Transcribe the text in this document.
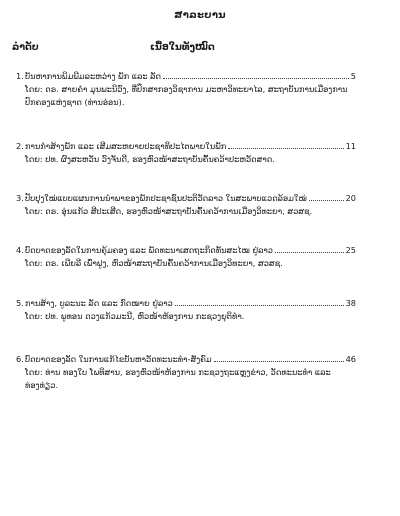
ສາລະບານ
ລຳດັບ	ເນື້ອໃນທັງໝົດ
1. ບັນຫາການພິມພີມລະຫວ່າງ ພັກ ແລະ ລັດ	5
ໂດຍ: ດຣ. ສາຍຄຳ ມຸນພະນິວົງ, ທີ່ປຶກສາກອງວິຊາການ ມະຫາວິທະຍາໄລ, ສະຖາບັນການເມືອງການປົກຄອງແຫ່ງຊາດ (ທ່ານອ່ອນ).
2. ການກຳສ້າງພັກ ແລະ ເສີມສະຫຍາຍປະຊາທິປະໄຕພາຍໃນພັກ	11
ໂດຍ: ປທ. ຜົງສະຫວັນ ວົງຈັນດີ, ຮອງຫົວໜ້າສະຖາບັນຄົ້ນຄວ້າປະຫວັດສາດ.
3. ປັບປຸງໃໝ່ແບບແຜນການນຳພາຂອງພັກປະຊາຊົນປະຕິວັດລາວ ໃນສະພາບແວດລ້ອມໃໝ່	20
ໂດຍ: ດຣ. ອຸ່ນແກ້ວ ສີປະເສີດ, ຮອງຫົວໜ້າສະຖາບັນຄົ້ນຄວ້າການເມືອງວິທະຍາ, ສວສຊ.
4. ບົດບາດຂອງລັດໃນການຄຸ້ມຄອງ ແລະ ພັດທະນາເສດຖະກິດທັນສະໄໝ ຢູ່ລາວ	25
ໂດຍ: ດຣ. ເພີຍລີ ເພ່ົາຟູງ, ຫົວໜ້າສະຖາບັນຄົ້ນຄວ້າການເມືອງວິທະຍາ, ສວສຊ.
5. ການສ້າງ, ບູລະນະ ລັດ ແລະ ກົດໝາຍ ຢູ່ລາວ	38
ໂດຍ: ປທ. ພູທອນ ດວງແກ້ວມະນີ, ຫົວໜ້າຫ້ອງການ ກະຊວງຍຸຕິທຳ.
6. ບົດບາດຂອງລັດ ໃນການແກ້ໄຂບັນຫາວັດທະນະທຳ-ສັງຄົມ	46
ໂດຍ: ທ່ານ ທອງໃບ ໂພທິສານ, ຮອງຫົວໜ້າຫ້ອງການ ກະຊວງຖະແຫຼງຂ່າວ, ວັດທະນະທຳ ແລະ ທ່ອງທ່ຽວ.
